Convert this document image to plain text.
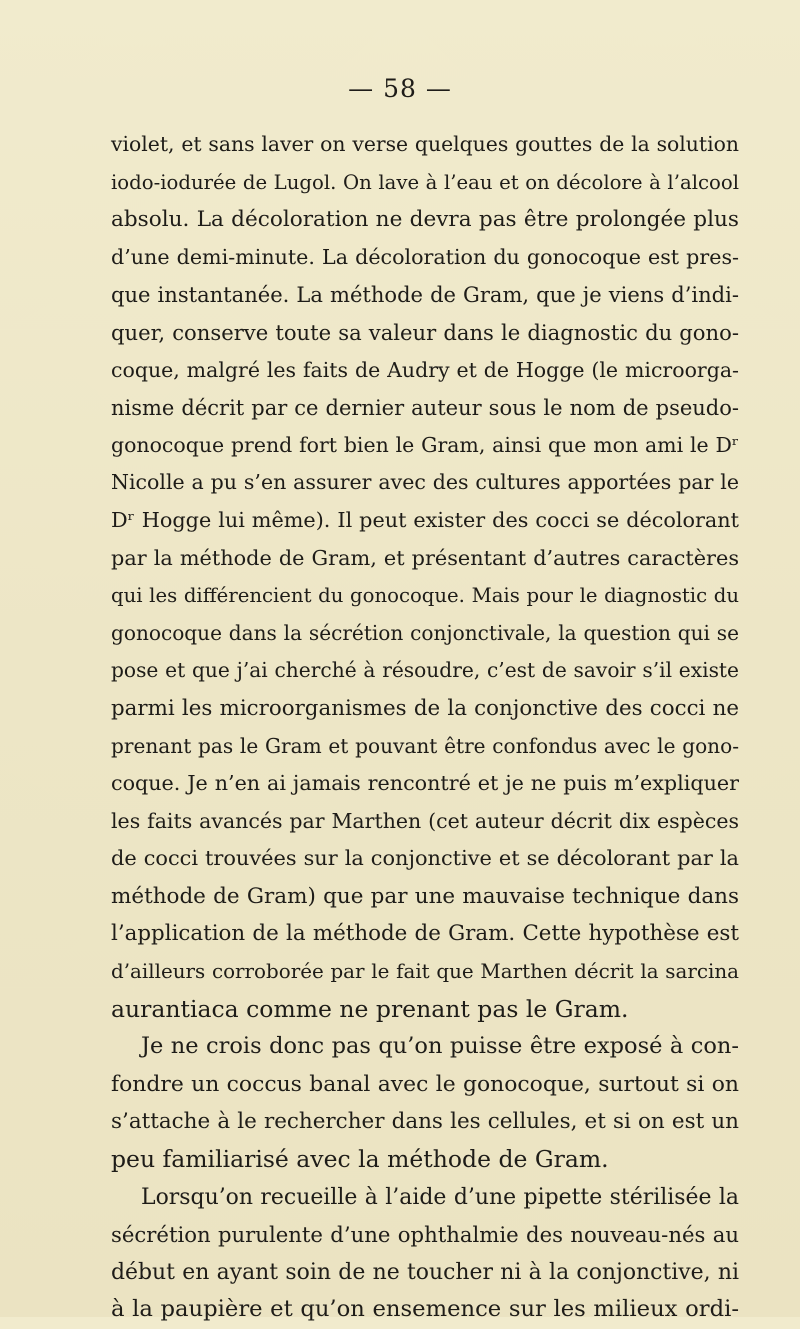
— 58 —

violet, et sans laver on verse quelques gouttes de la solution
iodo-iodurée de Lugol. On lave à l’eau et on décolore à l’alcool
absolu. La décoloration ne devra pas être prolongée plus
d’une demi-minute. La décoloration du gonocoque est pres-
que instantanée. La méthode de Gram, que je viens d’indi-
quer, conserve toute sa valeur dans le diagnostic du gono-
coque, malgré les faits de Audry et de Hogge (le microorga-
nisme décrit par ce dernier auteur sous le nom de pseudo-
gonocoque prend fort bien le Gram, ainsi que mon ami le Dʳ
Nicolle a pu s’en assurer avec des cultures apportées par le
Dʳ Hogge lui même). Il peut exister des cocci se décolorant
par la méthode de Gram, et présentant d’autres caractères
qui les différencient du gonocoque. Mais pour le diagnostic du
gonocoque dans la sécrétion conjonctivale, la question qui se
pose et que j’ai cherché à résoudre, c’est de savoir s’il existe
parmi les microorganismes de la conjonctive des cocci ne
prenant pas le Gram et pouvant être confondus avec le gono-
coque. Je n’en ai jamais rencontré et je ne puis m’expliquer
les faits avancés par Marthen (cet auteur décrit dix espèces
de cocci trouvées sur la conjonctive et se décolorant par la
méthode de Gram) que par une mauvaise technique dans
l’application de la méthode de Gram. Cette hypothèse est
d’ailleurs corroborée par le fait que Marthen décrit la sarcina
aurantiaca comme ne prenant pas le Gram.
Je ne crois donc pas qu’on puisse être exposé à con-
fondre un coccus banal avec le gonocoque, surtout si on
s’attache à le rechercher dans les cellules, et si on est un
peu familiarisé avec la méthode de Gram.
Lorsqu’on recueille à l’aide d’une pipette stérilisée la
sécrétion purulente d’une ophthalmie des nouveau-nés au
début en ayant soin de ne toucher ni à la conjonctive, ni
à la paupière et qu’on ensemence sur les milieux ordi-
